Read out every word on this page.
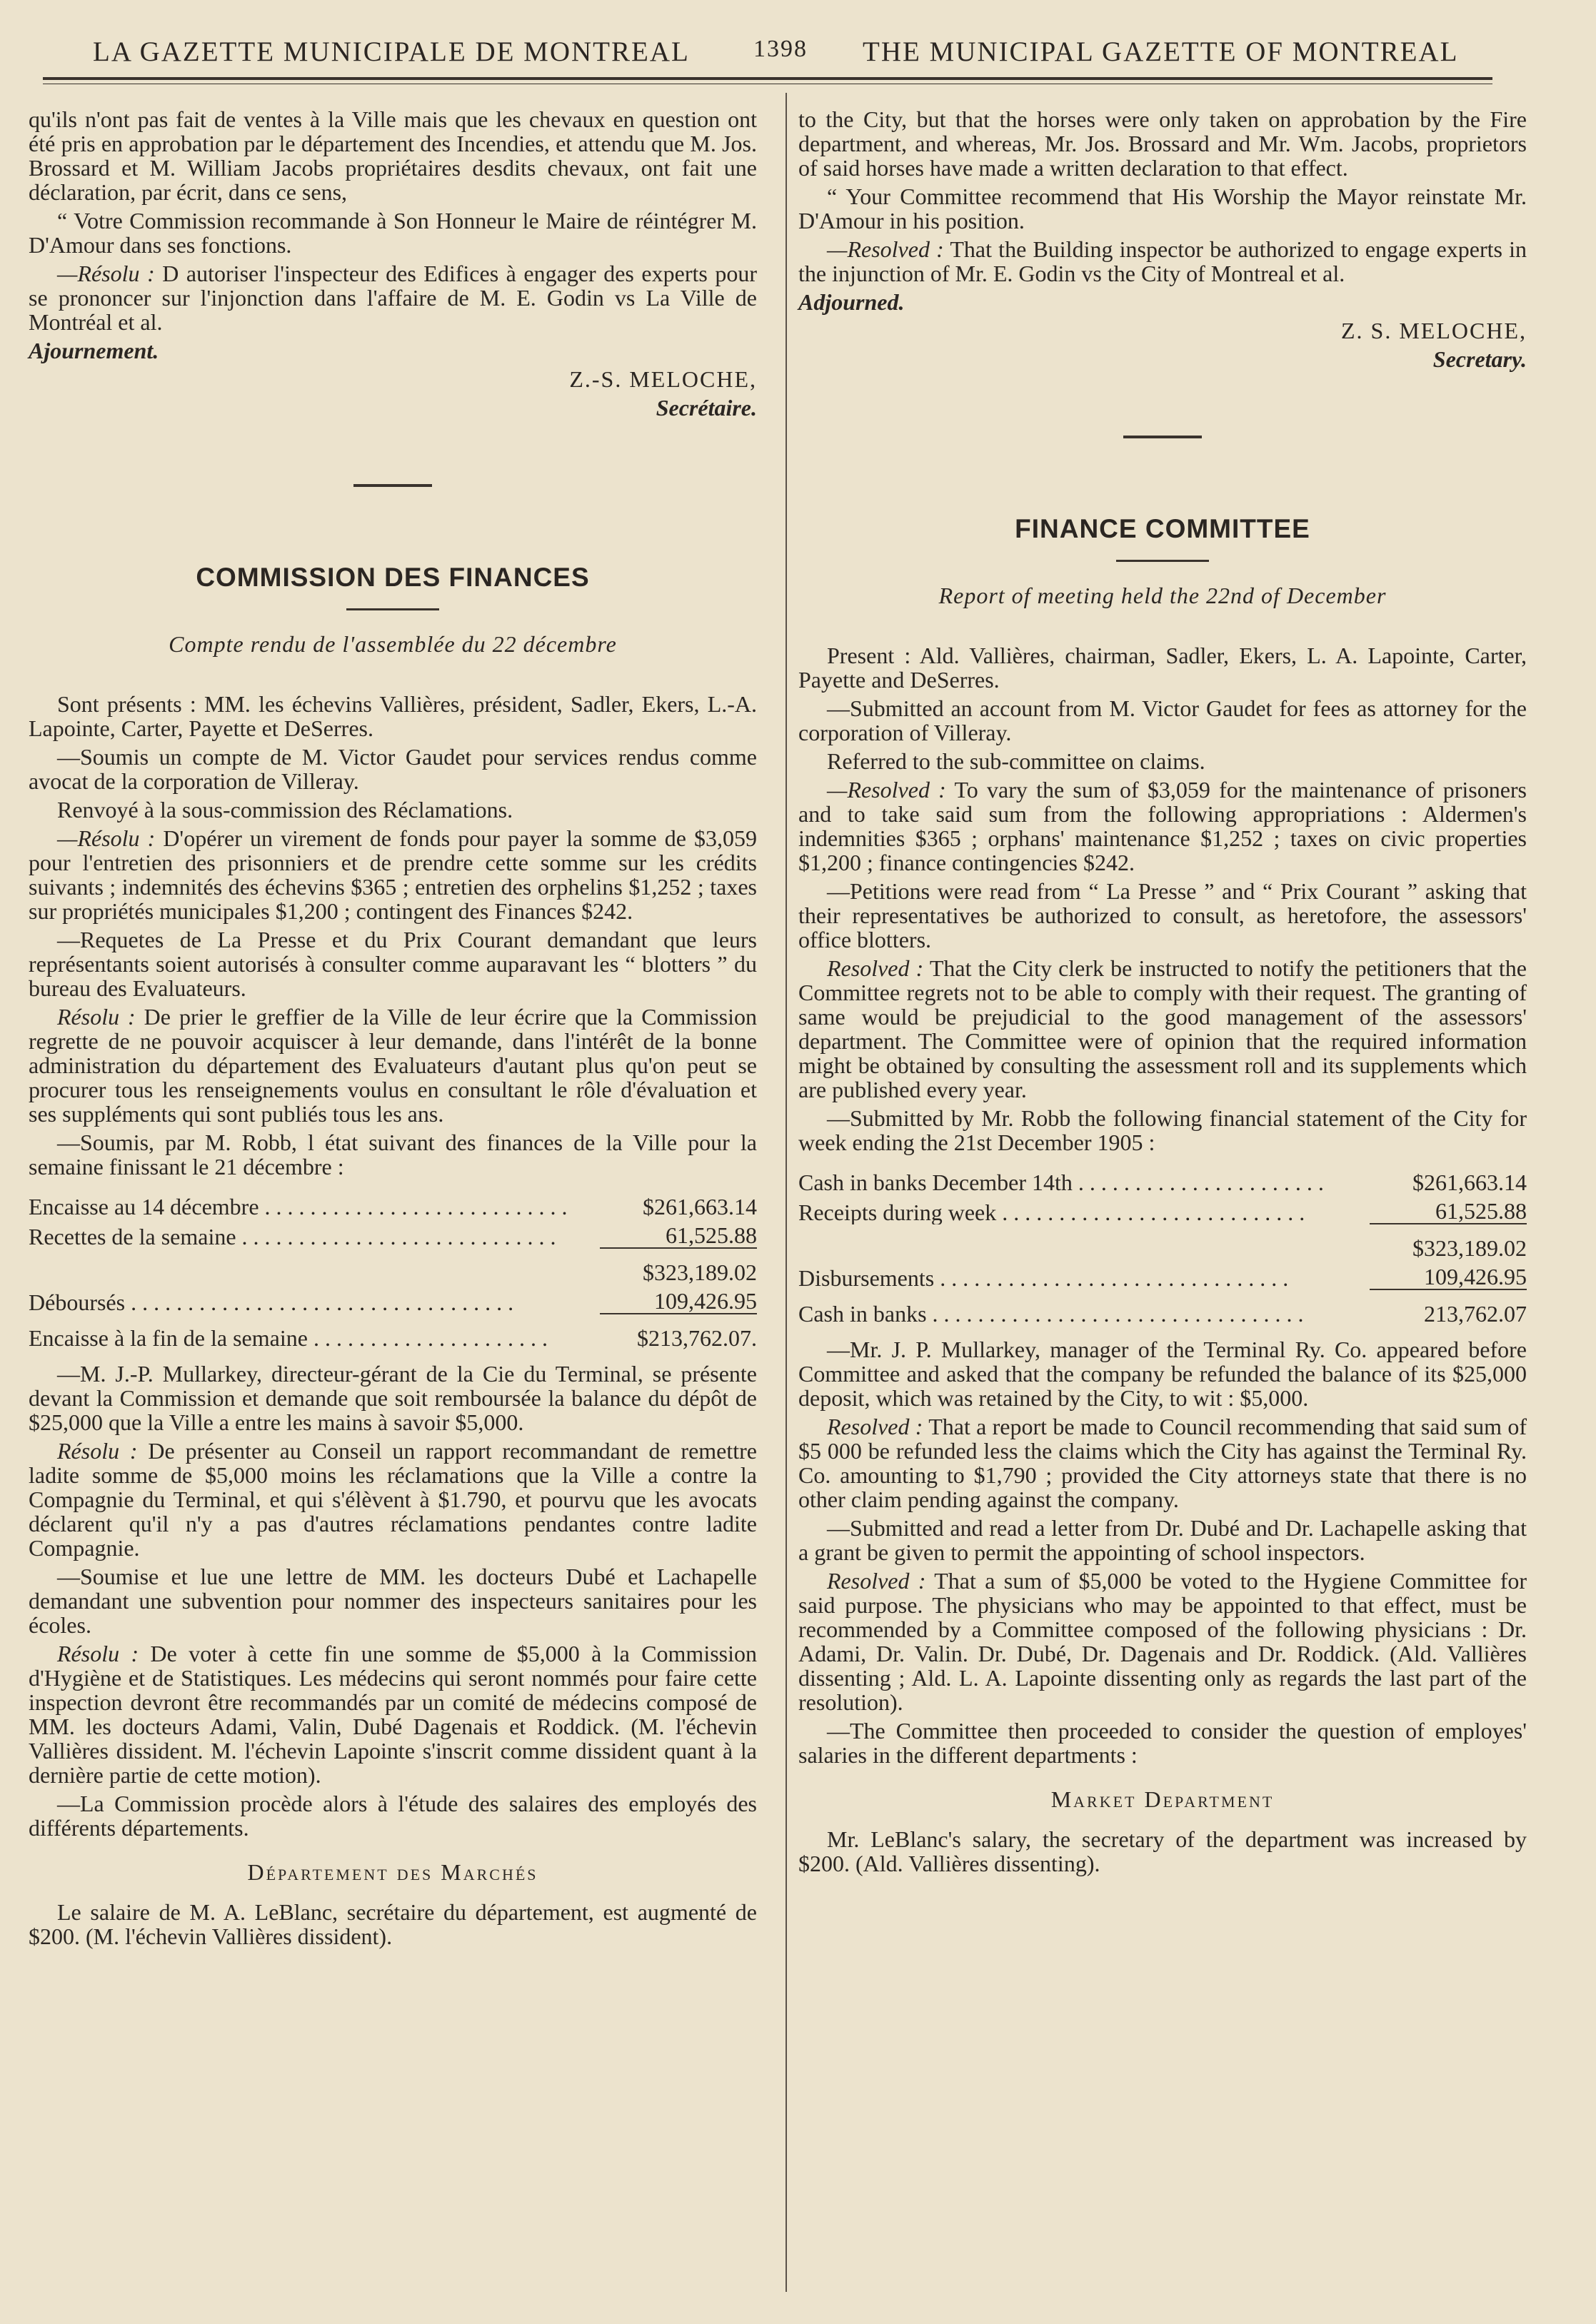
LA GAZETTE MUNICIPALE DE MONTREAL	1398 THE MUNICIPAL GAZETTE OF MONTREAL

qu'ils n'ont pas fait de ventes à la Ville mais que les chevaux en question ont été pris en approbation par le département des Incendies, et attendu que M. Jos. Brossard et M. William Jacobs propriétaires desdits chevaux, ont fait une déclaration, par écrit, dans ce sens,

“ Votre Commission recommande à Son Honneur le Maire de réintégrer M. D'Amour dans ses fonctions.

—Résolu : D autoriser l'inspecteur des Edifices à engager des experts pour se prononcer sur l'injonction dans l'affaire de M. E. Godin vs La Ville de Montréal et al.

Ajournement.

Z.-S. MELOCHE,

Secrétaire.

COMMISSION DES FINANCES
Compte rendu de l'assemblée du 22 décembre

Sont présents : MM. les échevins Vallières, président, Sadler, Ekers, L.-A. Lapointe, Carter, Payette et DeSerres.

—Soumis un compte de M. Victor Gaudet pour services rendus comme avocat de la corporation de Villeray.

Renvoyé à la sous-commission des Réclamations.

—Résolu : D'opérer un virement de fonds pour payer la somme de $3,059 pour l'entretien des prisonniers et de prendre cette somme sur les crédits suivants ; indemnités des échevins $365 ; entretien des orphelins $1,252 ; taxes sur propriétés municipales $1,200 ; contingent des Finances $242.

—Requetes de La Presse et du Prix Courant demandant que leurs représentants soient autorisés à consulter comme auparavant les “ blotters ” du bureau des Evaluateurs.

Résolu : De prier le greffier de la Ville de leur écrire que la Commission regrette de ne pouvoir acquiscer à leur demande, dans l'intérêt de la bonne administration du département des Evaluateurs d'autant plus qu'on peut se procurer tous les renseignements voulus en consultant le rôle d'évaluation et ses suppléments qui sont publiés tous les ans.

—Soumis, par M. Robb, l état suivant des finances de la Ville pour la semaine finissant le 21 décembre :

Encaisse au 14 décembre . . . . . . . . . . . . . . . . . . . . . . . . . . .	$261,663.14
Recettes de la semaine . . . . . . . . . . . . . . . . . . . . . . . . . . . .	61,525.88
$323,189.02
Déboursés . . . . . . . . . . . . . . . . . . . . . . . . . . . . . . . . . .	109,426.95
Encaisse à la fin de la semaine . . . . . . . . . . . . . . . . . . . . .	$213,762.07.

—M. J.-P. Mullarkey, directeur-gérant de la Cie du Terminal, se présente devant la Commission et demande que soit remboursée la balance du dépôt de $25,000 que la Ville a entre les mains à savoir $5,000.

Résolu : De présenter au Conseil un rapport recommandant de remettre ladite somme de $5,000 moins les réclamations que la Ville a contre la Compagnie du Terminal, et qui s'élèvent à $1.790, et pourvu que les avocats déclarent qu'il n'y a pas d'autres réclamations pendantes contre ladite Compagnie.

—Soumise et lue une lettre de MM. les docteurs Dubé et Lachapelle demandant une subvention pour nommer des inspecteurs sanitaires pour les écoles.

Résolu : De voter à cette fin une somme de $5,000 à la Commission d'Hygiène et de Statistiques. Les médecins qui seront nommés pour faire cette inspection devront être recommandés par un comité de médecins composé de MM. les docteurs Adami, Valin, Dubé Dagenais et Roddick. (M. l'échevin Vallières dissident. M. l'échevin Lapointe s'inscrit comme dissident quant à la dernière partie de cette motion).

—La Commission procède alors à l'étude des salaires des employés des différents départements.

Département des Marchés

Le salaire de M. A. LeBlanc, secrétaire du département, est augmenté de $200. (M. l'échevin Vallières dissident).

to the City, but that the horses were only taken on approbation by the Fire department, and whereas, Mr. Jos. Brossard and Mr. Wm. Jacobs, proprietors of said horses have made a written declaration to that effect.

“ Your Committee recommend that His Worship the Mayor reinstate Mr. D'Amour in his position.

—Resolved : That the Building inspector be authorized to engage experts in the injunction of Mr. E. Godin vs the City of Montreal et al.

Adjourned.

Z. S. MELOCHE,

Secretary.

FINANCE COMMITTEE
Report of meeting held the 22nd of December

Present : Ald. Vallières, chairman, Sadler, Ekers, L. A. Lapointe, Carter, Payette and DeSerres.

—Submitted an account from M. Victor Gaudet for fees as attorney for the corporation of Villeray.

Referred to the sub-committee on claims.

—Resolved : To vary the sum of $3,059 for the maintenance of prisoners and to take said sum from the following appropriations : Aldermen's indemnities $365 ; orphans' maintenance $1,252 ; taxes on civic properties $1,200 ; finance contingencies $242.

—Petitions were read from “ La Presse ” and “ Prix Courant ” asking that their representatives be authorized to consult, as heretofore, the assessors' office blotters.

Resolved : That the City clerk be instructed to notify the petitioners that the Committee regrets not to be able to comply with their request. The granting of same would be prejudicial to the good management of the assessors' department. The Committee were of opinion that the required information might be obtained by consulting the assessment roll and its supplements which are published every year.

—Submitted by Mr. Robb the following financial statement of the City for week ending the 21st December 1905 :

Cash in banks December 14th . . . . . . . . . . . . . . . . . . . . . .	$261,663.14
Receipts during week . . . . . . . . . . . . . . . . . . . . . . . . . . .	61,525.88
$323,189.02
Disbursements . . . . . . . . . . . . . . . . . . . . . . . . . . . . . . .	109,426.95
Cash in banks . . . . . . . . . . . . . . . . . . . . . . . . . . . . . . . . .	213,762.07

—Mr. J. P. Mullarkey, manager of the Terminal Ry. Co. appeared before Committee and asked that the company be refunded the balance of its $25,000 deposit, which was retained by the City, to wit : $5,000.

Resolved : That a report be made to Council recommending that said sum of $5 000 be refunded less the claims which the City has against the Terminal Ry. Co. amounting to $1,790 ; provided the City attorneys state that there is no other claim pending against the company.

—Submitted and read a letter from Dr. Dubé and Dr. Lachapelle asking that a grant be given to permit the appointing of school inspectors.

Resolved : That a sum of $5,000 be voted to the Hygiene Committee for said purpose. The physicians who may be appointed to that effect, must be recommended by a Committee composed of the following physicians : Dr. Adami, Dr. Valin. Dr. Dubé, Dr. Dagenais and Dr. Roddick. (Ald. Vallières dissenting ; Ald. L. A. Lapointe dissenting only as regards the last part of the resolution).

—The Committee then proceeded to consider the question of employes' salaries in the different departments :

Market Department

Mr. LeBlanc's salary, the secretary of the department was increased by $200. (Ald. Vallières dissenting).
